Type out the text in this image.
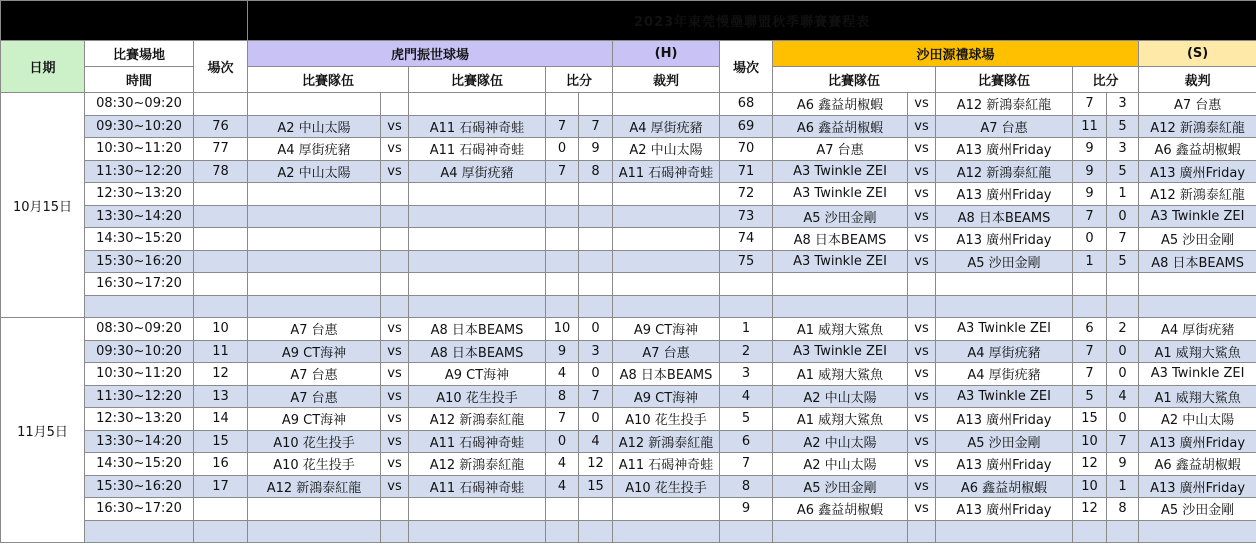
			2023年東莞慢壘聯盟秋季聯賽賽程表												
日期	比賽場地	場次	虎門振世球場					(H)	場次	沙田源禮球場					(S)
	時間		比賽隊伍		比賽隊伍	比分		裁判		比賽隊伍		比賽隊伍	比分		裁判
10月15日	08:30~09:20								68	A6 鑫益胡椒蝦	vs	A12 新鴻泰紅龍	7	3	A7 台惠
	09:30~10:20	76	A2 中山太陽	vs	A11 石碣神奇蛙	7	7	A4 厚街疣豬	69	A6 鑫益胡椒蝦	vs	A7 台惠	11	5	A12 新鴻泰紅龍
	10:30~11:20	77	A4 厚街疣豬	vs	A11 石碣神奇蛙	0	9	A2 中山太陽	70	A7 台惠	vs	A13 廣州Friday	9	3	A6 鑫益胡椒蝦
	11:30~12:20	78	A2 中山太陽	vs	A4 厚街疣豬	7	8	A11 石碣神奇蛙	71	A3 Twinkle ZEI	vs	A12 新鴻泰紅龍	9	5	A13 廣州Friday
	12:30~13:20								72	A3 Twinkle ZEI	vs	A13 廣州Friday	9	1	A12 新鴻泰紅龍
	13:30~14:20								73	A5 沙田金剛	vs	A8 日本BEAMS	7	0	A3 Twinkle ZEI
	14:30~15:20								74	A8 日本BEAMS	vs	A13 廣州Friday	0	7	A5 沙田金剛
	15:30~16:20								75	A3 Twinkle ZEI	vs	A5 沙田金剛	1	5	A8 日本BEAMS
	16:30~17:20														

11月5日	08:30~09:20	10	A7 台惠	vs	A8 日本BEAMS	10	0	A9 CT海神	1	A1 威翔大鯊魚	vs	A3 Twinkle ZEI	6	2	A4 厚街疣豬
	09:30~10:20	11	A9 CT海神	vs	A8 日本BEAMS	9	3	A7 台惠	2	A3 Twinkle ZEI	vs	A4 厚街疣豬	7	0	A1 威翔大鯊魚
	10:30~11:20	12	A7 台惠	vs	A9 CT海神	4	0	A8 日本BEAMS	3	A1 威翔大鯊魚	vs	A4 厚街疣豬	7	0	A3 Twinkle ZEI
	11:30~12:20	13	A7 台惠	vs	A10 花生投手	8	7	A9 CT海神	4	A2 中山太陽	vs	A3 Twinkle ZEI	5	4	A1 威翔大鯊魚
	12:30~13:20	14	A9 CT海神	vs	A12 新鴻泰紅龍	7	0	A10 花生投手	5	A1 威翔大鯊魚	vs	A13 廣州Friday	15	0	A2 中山太陽
	13:30~14:20	15	A10 花生投手	vs	A11 石碣神奇蛙	0	4	A12 新鴻泰紅龍	6	A2 中山太陽	vs	A5 沙田金剛	10	7	A13 廣州Friday
	14:30~15:20	16	A10 花生投手	vs	A12 新鴻泰紅龍	4	12	A11 石碣神奇蛙	7	A2 中山太陽	vs	A13 廣州Friday	12	9	A6 鑫益胡椒蝦
	15:30~16:20	17	A12 新鴻泰紅龍	vs	A11 石碣神奇蛙	4	15	A10 花生投手	8	A5 沙田金剛	vs	A6 鑫益胡椒蝦	10	1	A13 廣州Friday
	16:30~17:20								9	A6 鑫益胡椒蝦	vs	A13 廣州Friday	12	8	A5 沙田金剛
